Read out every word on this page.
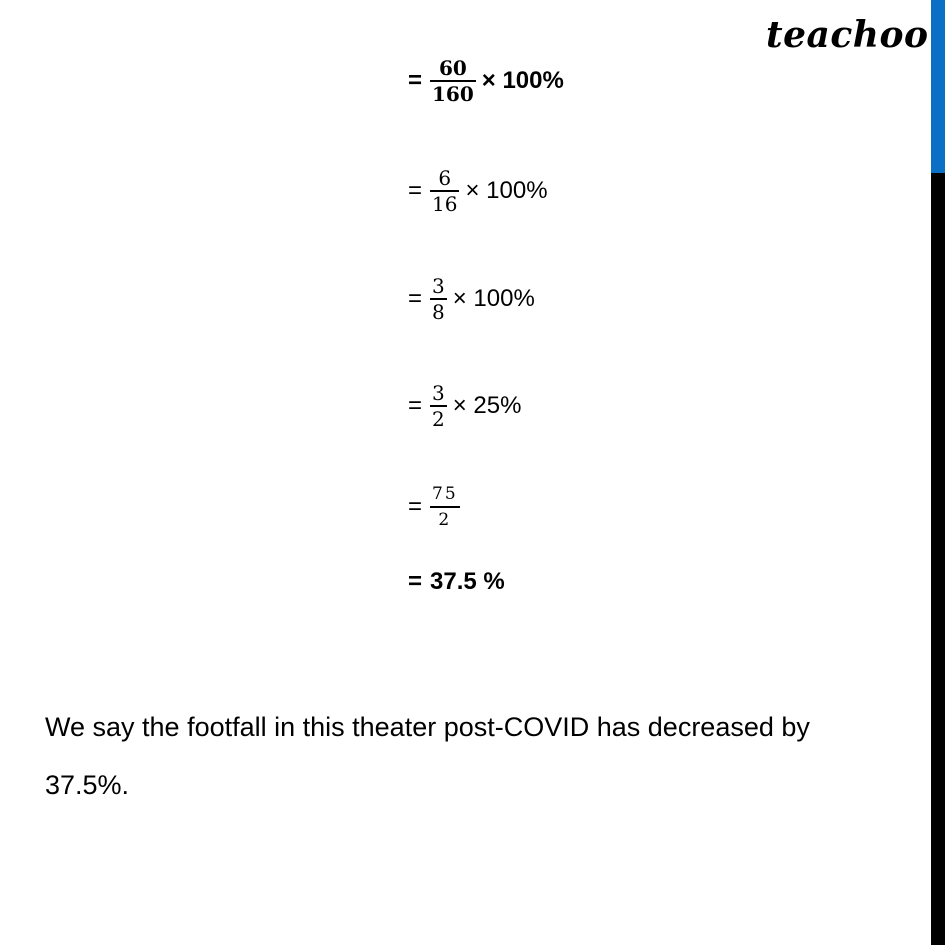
teachoo
= $\frac{60}{160} \times 100\%$
= $\frac{6}{16} \times 100\%$
= $\frac{3}{8} \times 100\%$
= $\frac{3}{2} \times 25\%$
= $\frac{75}{2}$
= 37.5 %
We say the footfall in this theater post-COVID has decreased by 37.5%.
